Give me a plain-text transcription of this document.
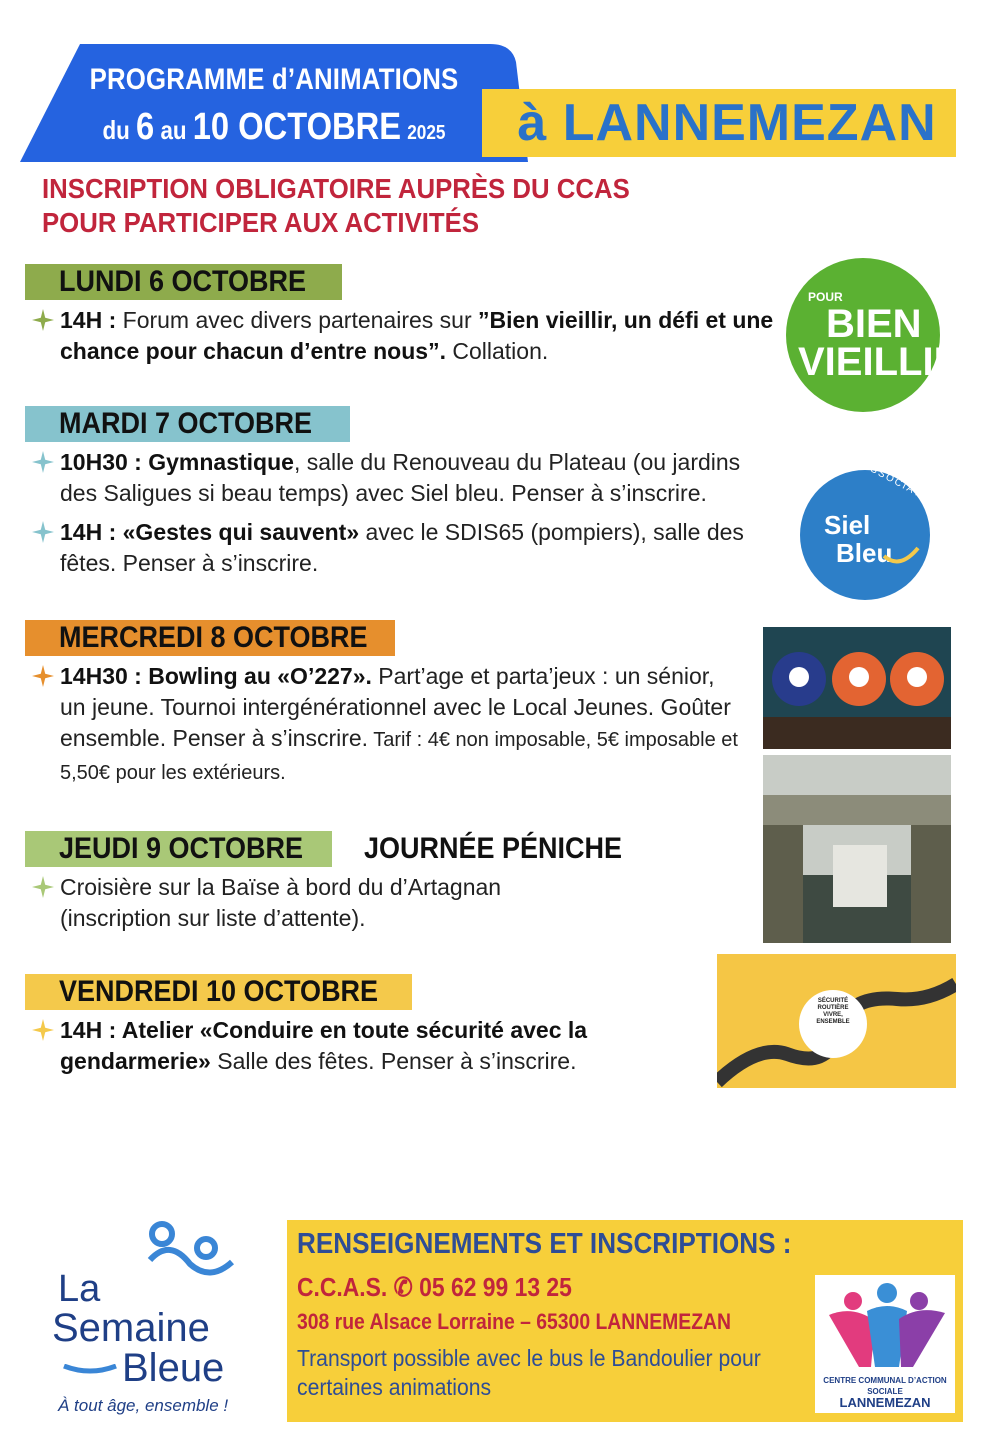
PROGRAMME d’ANIMATIONS
du 6 au 10 OCTOBRE 2025	à LANNEMEZAN
INSCRIPTION OBLIGATOIRE AUPRÈS DU CCAS
POUR PARTICIPER AUX ACTIVITÉS
LUNDI 6 OCTOBRE
14H : Forum avec divers partenaires sur ”Bien vieillir, un défi et une chance pour chacun d’entre nous”. Collation.
MARDI 7 OCTOBRE
10H30 : Gymnastique, salle du Renouveau du Plateau (ou jardins des Saligues si beau temps) avec Siel bleu. Penser à s’inscrire.
14H : «Gestes qui sauvent» avec le SDIS65 (pompiers), salle des fêtes. Penser à s’inscrire.
MERCREDI 8 OCTOBRE
14H30 : Bowling au «O’227». Part’age et parta’jeux : un sénior, un jeune. Tournoi intergénérationnel avec le Local Jeunes. Goûter ensemble. Penser à s’inscrire. Tarif : 4€ non imposable, 5€ imposable et 5,50€ pour les extérieurs.
JEUDI 9 OCTOBRE	JOURNÉE PÉNICHE
Croisière sur la Baïse à bord du d’Artagnan (inscription sur liste d’attente).
VENDREDI 10 OCTOBRE
14H : Atelier «Conduire en toute sécurité avec la gendarmerie» Salle des fêtes. Penser à s’inscrire.
POUR
BIEN
VIEILLIR
ASSOCIATION
Siel
Bleu
SÉCURITÉ ROUTIÈRE VIVRE, ENSEMBLE
La
Semaine
Bleue
À tout âge, ensemble !
RENSEIGNEMENTS ET INSCRIPTIONS :
C.C.A.S. ✆ 05 62 99 13 25
308 rue Alsace Lorraine – 65300 LANNEMEZAN
Transport possible avec le bus le Bandoulier pour certaines animations	CENTRE COMMUNAL D’ACTION SOCIALE
LANNEMEZAN
